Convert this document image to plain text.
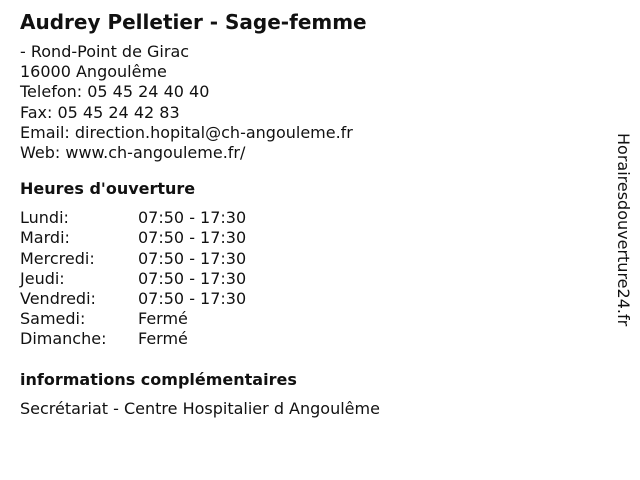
Audrey Pelletier - Sage-femme
- Rond-Point de Girac
16000 Angoulême
Telefon: 05 45 24 40 40
Fax: 05 45 24 42 83
Email: direction.hopital@ch-angouleme.fr
Web: www.ch-angouleme.fr/
Heures d'ouverture
Lundi:	07:50 - 17:30
Mardi:	07:50 - 17:30
Mercredi:	07:50 - 17:30
Jeudi:	07:50 - 17:30
Vendredi:	07:50 - 17:30
Samedi:	Fermé
Dimanche:	Fermé
informations complémentaires
Secrétariat - Centre Hospitalier d Angoulême
Horairesdouverture24.fr
